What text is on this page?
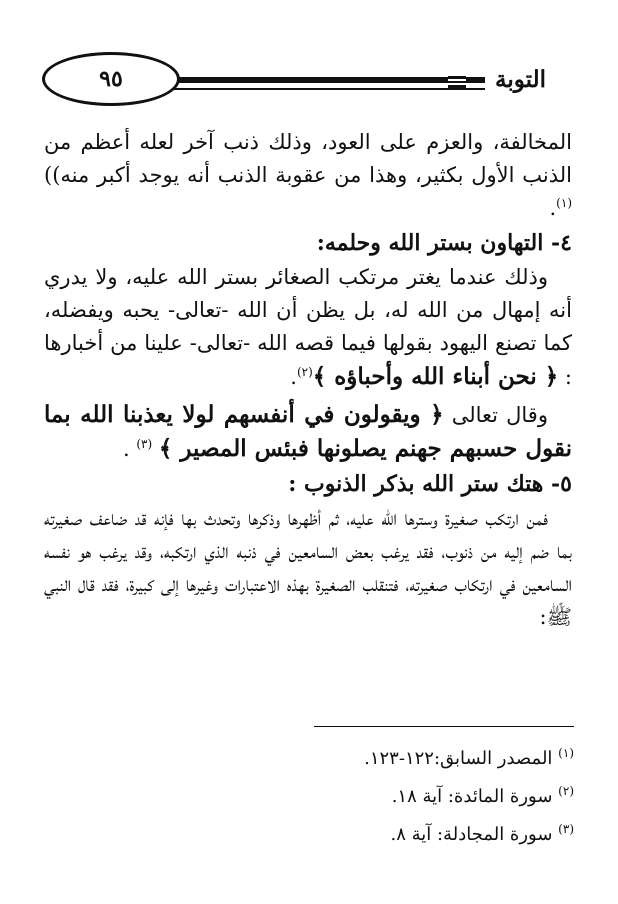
التوبة
٩٥

المخالفة، والعزم على العود، وذلك ذنب آخر لعله أعظم من الذنب الأول بكثير، وهذا من عقوبة الذنب أنه يوجد أكبر منه)) $^{(١)}$.

٤- التهاون بستر الله وحلمه:

وذلك عندما يغتر مرتكب الصغائر بستر الله عليه، ولا يدري أنه إمهال من الله له، بل يظن أن الله -تعالى- يحبه ويفضله، كما تصنع اليهود بقولها فيما قصه الله -تعالى- علينا من أخبارها : ﴿ نحن أبناء الله وأحباؤه ﴾$^{(٢)}$.

وقال تعالى ﴿ ويقولون في أنفسهم لولا يعذبنا الله بما نقول حسبهم جهنم يصلونها فبئس المصير ﴾ $^{(٣)}$ .

٥- هتك ستر الله بذكر الذنوب :

فمن ارتكب صغيرة وسترها الله عليه، ثم أظهرها وذكرها وتحدث بها فإنه قد ضاعف صغيرته بما ضم إليه من ذنوب، فقد يرغب بعض السامعين في ذنبه الذي ارتكبه، وقد يرغب هو نفسه السامعين في ارتكاب صغيرته، فتنقلب الصغيرة بهذه الاعتبارات وغيرها إلى كبيرة، فقد قال النبي ﷺ:

$^{(١)}$ المصدر السابق:١٢٢-١٢٣.

$^{(٢)}$ سورة المائدة: آية ١٨.

$^{(٣)}$ سورة المجادلة: آية ٨.
